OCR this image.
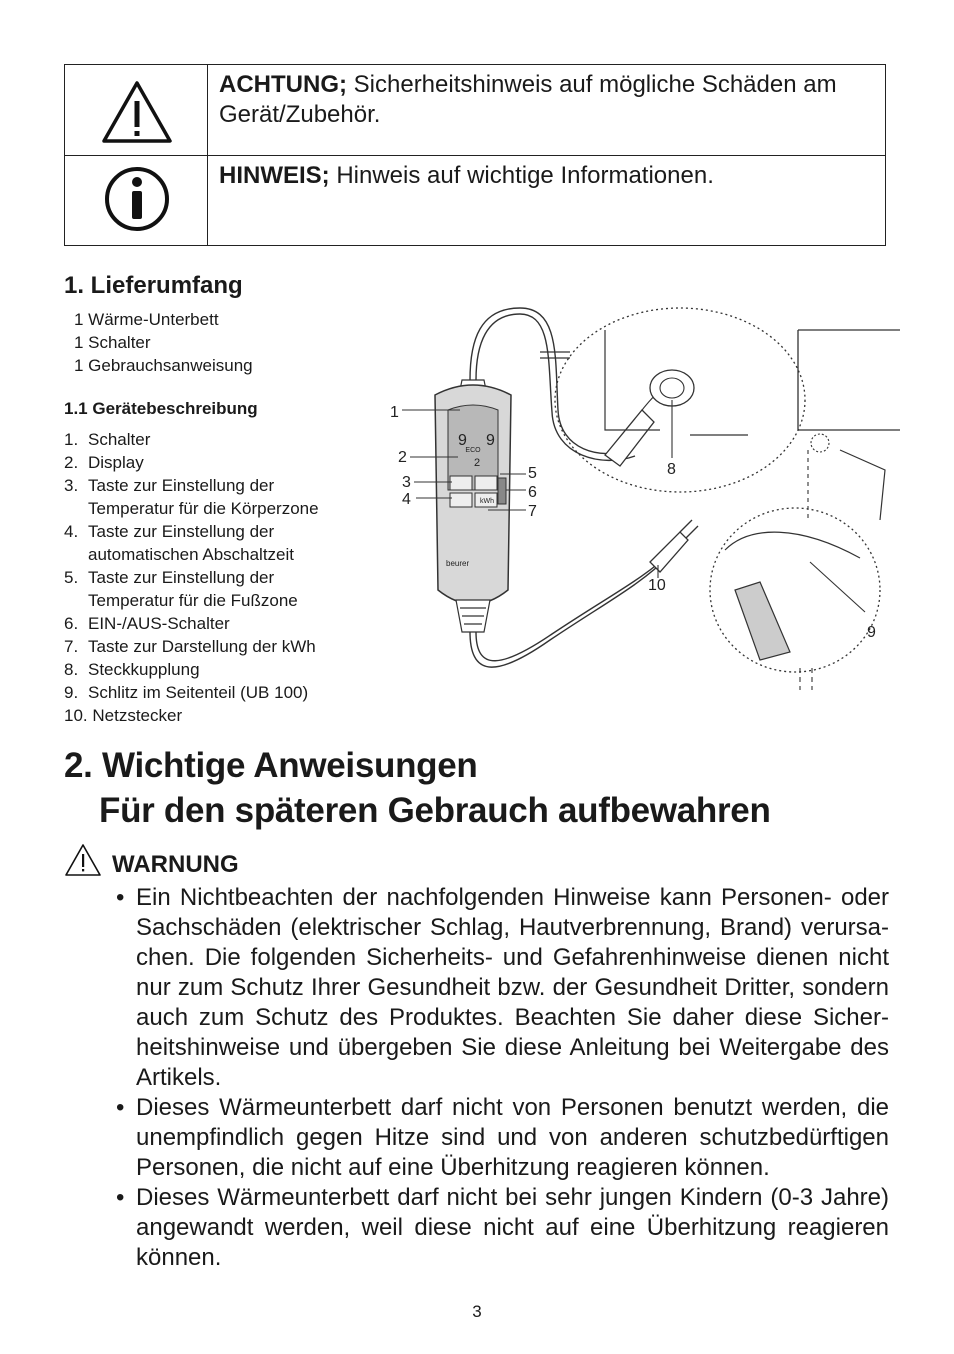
ACHTUNG; Sicherheitshinweis auf mögliche Schäden am Gerät/Zubehör.
HINWEIS; Hinweis auf wichtige Informationen.
1. Lieferumfang
1 Wärme-Unterbett
1 Schalter
1 Gebrauchsanweisung
1.1 Gerätebeschreibung
1. Schalter
2. Display
3. Taste zur Einstellung der Temperatur für die Körperzone
4. Taste zur Einstellung der automatischen Abschaltzeit
5. Taste zur Einstellung der Temperatur für die Fußzone
6. EIN-/AUS-Schalter
7. Taste zur Darstellung der kWh
8. Steckkupplung
9. Schlitz im Seitenteil (UB 100)
10. Netzstecker
ECO
9 9
2
kWh
beurer
1
2
3
4
5
6
7
8
9
10
2. Wichtige Anweisungen
Für den späteren Gebrauch aufbewahren
WARNUNG
• Ein Nichtbeachten der nachfolgenden Hinweise kann Personen- oder Sachschäden (elektrischer Schlag, Hautverbrennung, Brand) verursa- chen. Die folgenden Sicherheits- und Gefahrenhinweise dienen nicht nur zum Schutz Ihrer Gesundheit bzw. der Gesundheit Dritter, sondern auch zum Schutz des Produktes. Beachten Sie daher diese Sicher- heitshinweise und übergeben Sie diese Anleitung bei Weitergabe des Artikels.
• Dieses Wärmeunterbett darf nicht von Personen benutzt werden, die unempfindlich gegen Hitze sind und von anderen schutzbedürftigen Personen, die nicht auf eine Überhitzung reagieren können.
• Dieses Wärmeunterbett darf nicht bei sehr jungen Kindern (0-3 Jahre) angewandt werden, weil diese nicht auf eine Überhitzung reagieren können.
3
